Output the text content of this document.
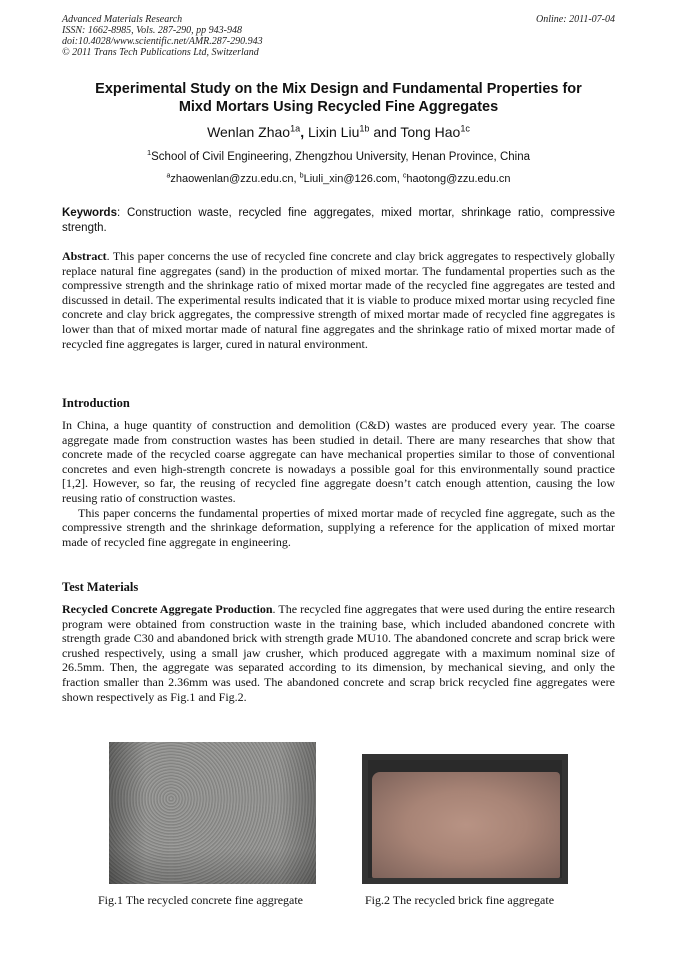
Advanced Materials Research
ISSN: 1662-8985, Vols. 287-290, pp 943-948
doi:10.4028/www.scientific.net/AMR.287-290.943
© 2011 Trans Tech Publications Ltd, Switzerland
Online: 2011-07-04
Experimental Study on the Mix Design and Fundamental Properties for
Mixd Mortars Using Recycled Fine Aggregates
Wenlan Zhao$^{1a}$, Lixin Liu$^{1b}$ and Tong Hao$^{1c}$
$^1$School of Civil Engineering, Zhengzhou University, Henan Province, China
$^a$zhaowenlan@zzu.edu.cn, $^b$Liuli_xin@126.com, $^c$haotong@zzu.edu.cn
Keywords: Construction waste, recycled fine aggregates, mixed mortar, shrinkage ratio, compressive strength.
Abstract. This paper concerns the use of recycled fine concrete and clay brick aggregates to respectively globally replace natural fine aggregates (sand) in the production of mixed mortar. The fundamental properties such as the compressive strength and the shrinkage ratio of mixed mortar made of the recycled fine aggregates are tested and discussed in detail. The experimental results indicated that it is viable to produce mixed mortar using recycled fine concrete and clay brick aggregates, the compressive strength of mixed mortar made of recycled fine aggregates is lower than that of mixed mortar made of natural fine aggregates and the shrinkage ratio of mixed mortar made of recycled fine aggregates is larger, cured in natural environment.
Introduction

In China, a huge quantity of construction and demolition (C&D) wastes are produced every year. The coarse aggregate made from construction wastes has been studied in detail. There are many researches that show that concrete made of the recycled coarse aggregate can have mechanical properties similar to those of conventional concretes and even high-strength concrete is nowadays a possible goal for this environmentally sound practice [1,2]. However, so far, the reusing of recycled fine aggregate doesn’t catch enough attention, causing the low reusing ratio of construction wastes.

This paper concerns the fundamental properties of mixed mortar made of recycled fine aggregate, such as the compressive strength and the shrinkage deformation, supplying a reference for the application of mixed mortar made of recycled fine aggregate in engineering.

Test Materials
Recycled Concrete Aggregate Production. The recycled fine aggregates that were used during the entire research program were obtained from construction waste in the training base, which included abandoned concrete with strength grade C30 and abandoned brick with strength grade MU10. The abandoned concrete and scrap brick were crushed respectively, using a small jaw crusher, which produced aggregate with a maximum nominal size of 26.5mm. Then, the aggregate was separated according to its dimension, by mechanical sieving, and only the fraction smaller than 2.36mm was used. The abandoned concrete and scrap brick recycled fine aggregates were shown respectively as Fig.1 and Fig.2.
Fig.1 The recycled concrete fine aggregate	Fig.2 The recycled brick fine aggregate
